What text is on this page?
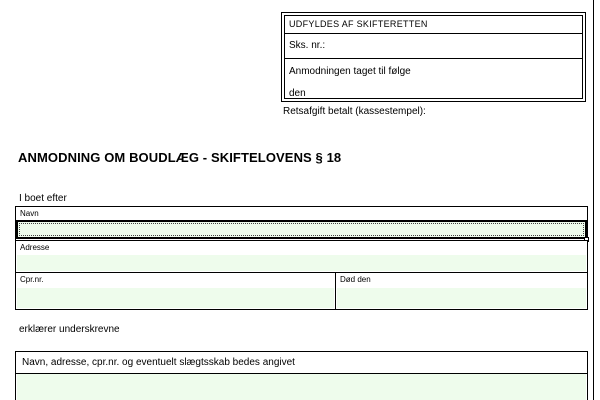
UDFYLDES AF SKIFTERETTEN
Sks. nr.:
Anmodningen taget til følge
den
Retsafgift betalt (kassestempel):
ANMODNING OM BOUDLÆG - SKIFTELOVENS § 18
I boet efter
Navn
Adresse
Cpr.nr.	Død den
erklærer underskrevne
Navn, adresse, cpr.nr. og eventuelt slægtsskab bedes angivet
